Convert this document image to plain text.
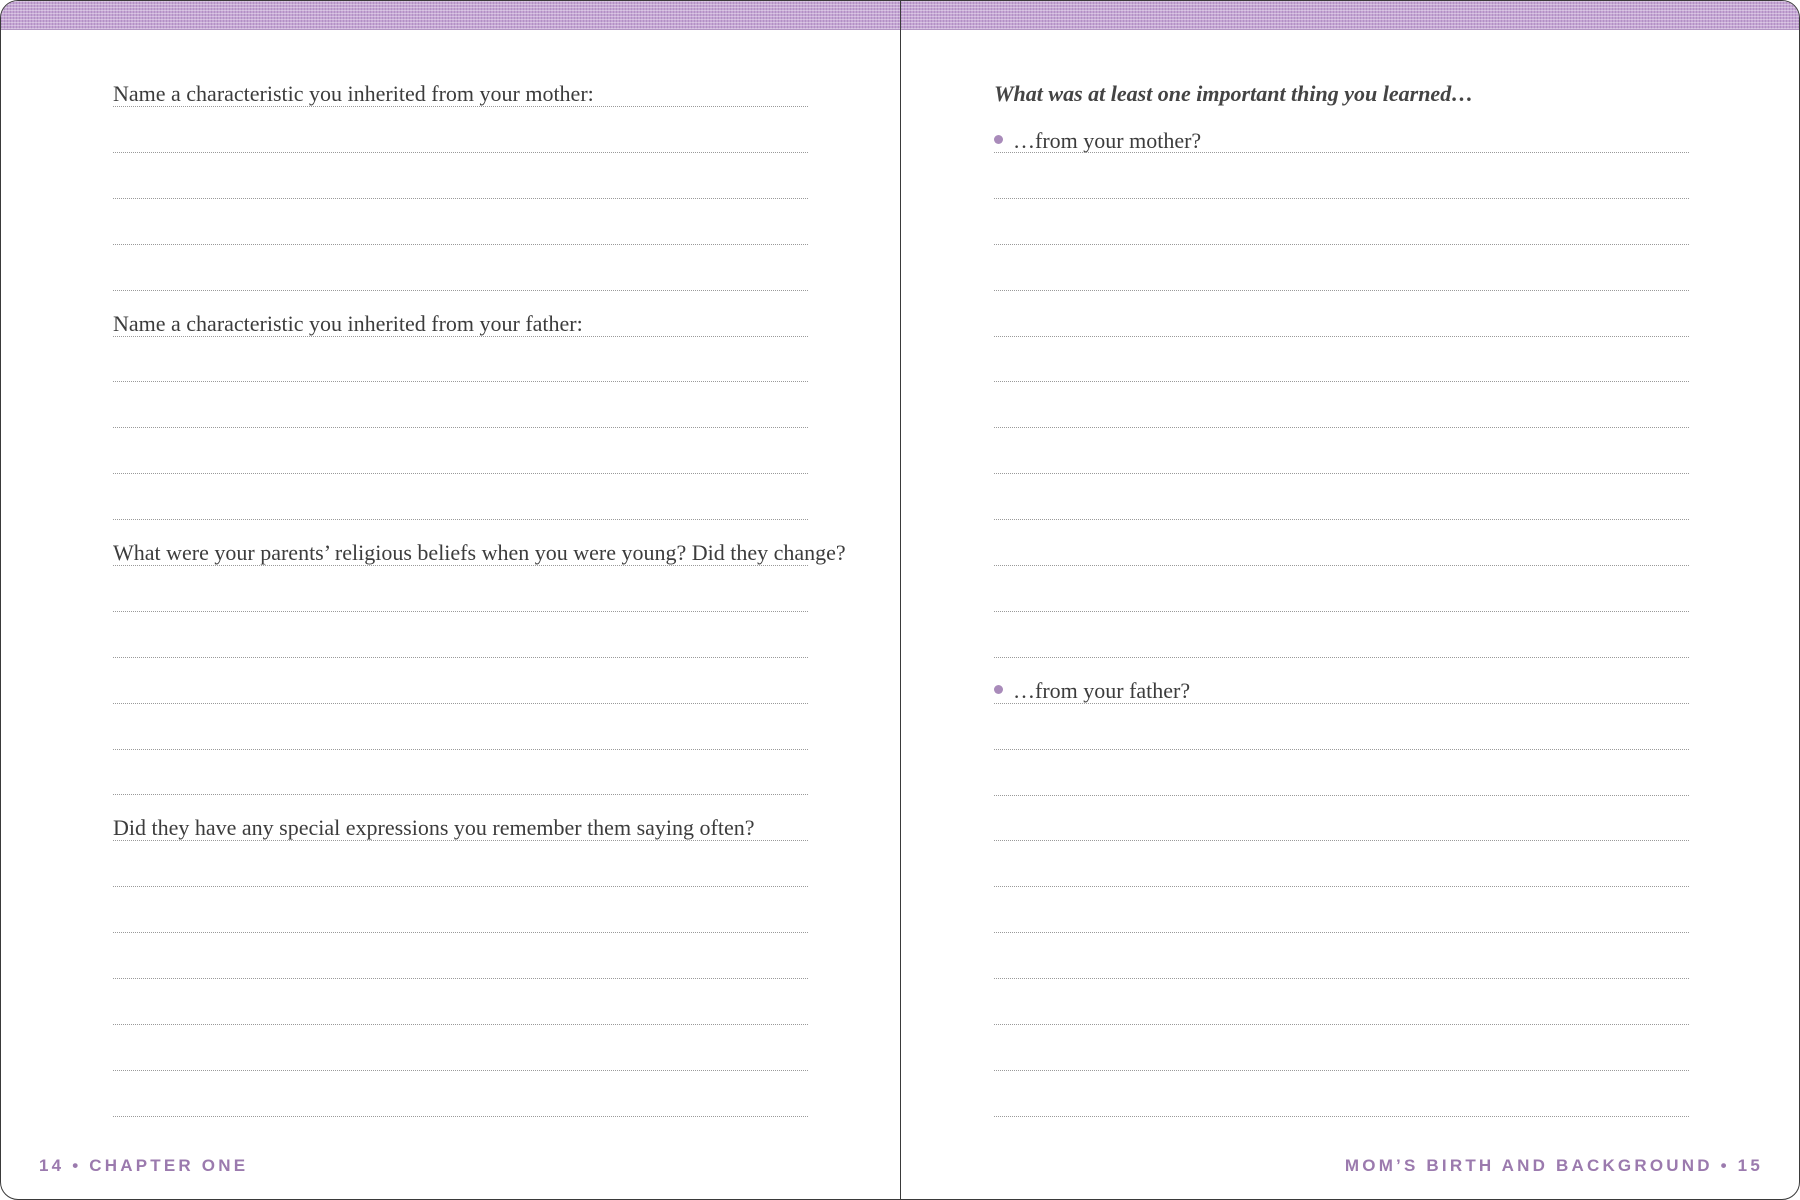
Name a characteristic you inherited from your mother:
Name a characteristic you inherited from your father:
What were your parents’ religious beliefs when you were young? Did they change?
Did they have any special expressions you remember them saying often?
What was at least one important thing you learned…
…from your mother?
…from your father?
14 • CHAPTER ONE	MOM’S BIRTH AND BACKGROUND • 15
